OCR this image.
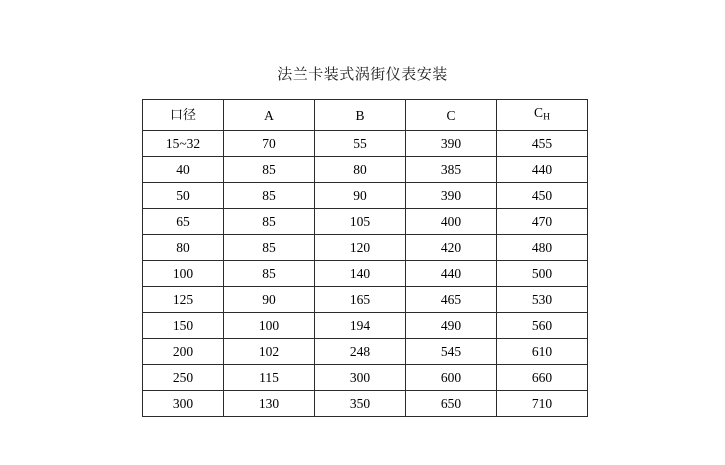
法兰卡装式涡街仪表安装
口径	A	B	C	$C_H$
15~32	70	55	390	455
40	85	80	385	440
50	85	90	390	450
65	85	105	400	470
80	85	120	420	480
100	85	140	440	500
125	90	165	465	530
150	100	194	490	560
200	102	248	545	610
250	115	300	600	660
300	130	350	650	710
